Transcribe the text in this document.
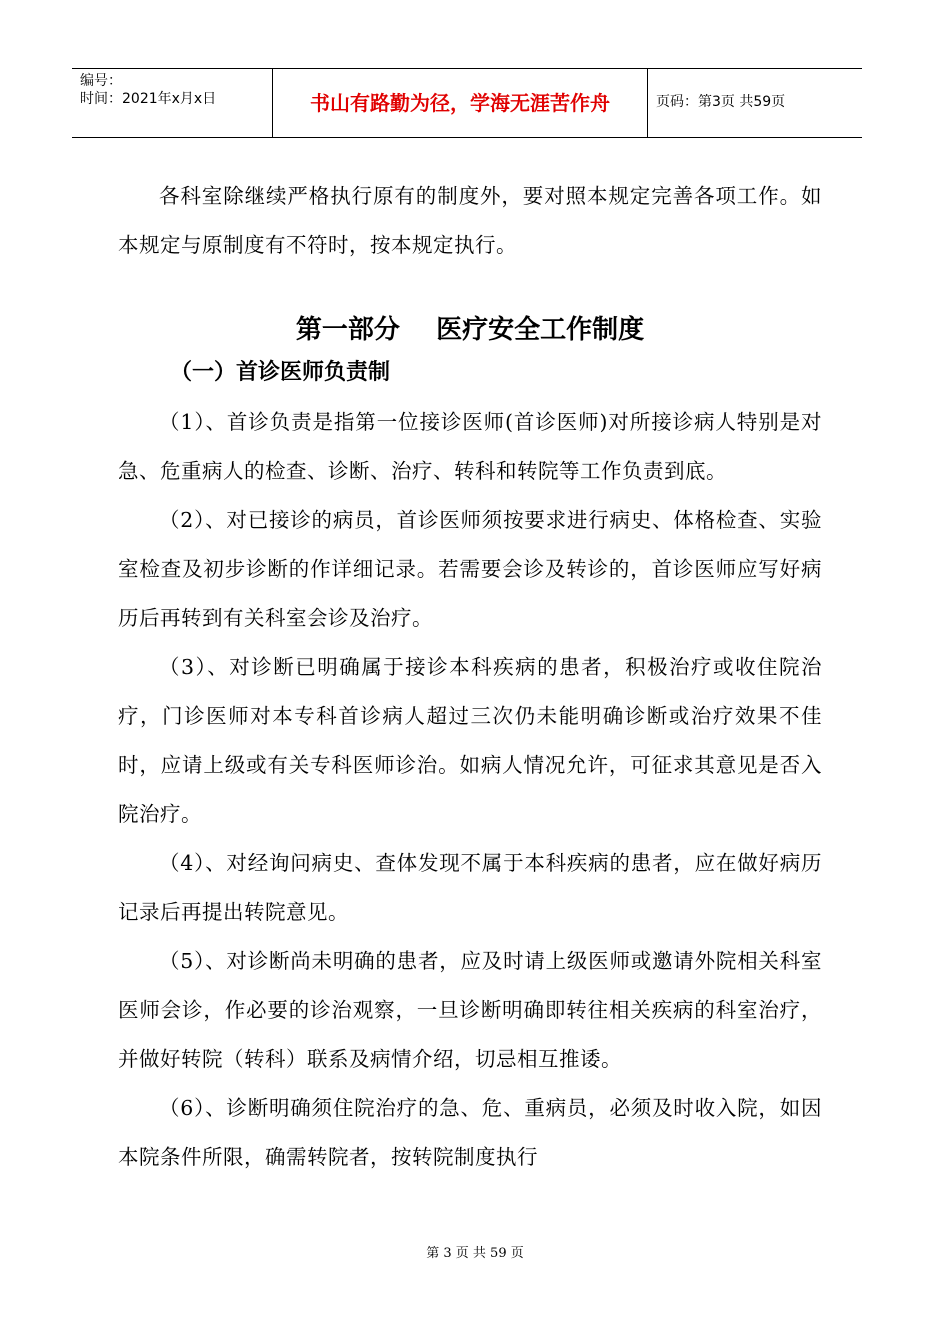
编号：
时间：2021年x月x日	书山有路勤为径，学海无涯苦作舟	页码：第3页 共59页

各科室除继续严格执行原有的制度外，要对照本规定完善各项工作。如本规定与原制度有不符时，按本规定执行。

第一部分    医疗安全工作制度
（一）首诊医师负责制

（1）、首诊负责是指第一位接诊医师(首诊医师)对所接诊病人特别是对急、危重病人的检查、诊断、治疗、转科和转院等工作负责到底。

（2）、对已接诊的病员，首诊医师须按要求进行病史、体格检查、实验室检查及初步诊断的作详细记录。若需要会诊及转诊的，首诊医师应写好病历后再转到有关科室会诊及治疗。

（3）、对诊断已明确属于接诊本科疾病的患者，积极治疗或收住院治疗，门诊医师对本专科首诊病人超过三次仍未能明确诊断或治疗效果不佳时，应请上级或有关专科医师诊治。如病人情况允许，可征求其意见是否入院治疗。

（4）、对经询问病史、查体发现不属于本科疾病的患者，应在做好病历记录后再提出转院意见。

（5）、对诊断尚未明确的患者，应及时请上级医师或邀请外院相关科室医师会诊，作必要的诊治观察，一旦诊断明确即转往相关疾病的科室治疗，并做好转院（转科）联系及病情介绍，切忌相互推诿。

（6）、诊断明确须住院治疗的急、危、重病员，必须及时收入院，如因本院条件所限，确需转院者，按转院制度执行

第 3 页 共 59 页
